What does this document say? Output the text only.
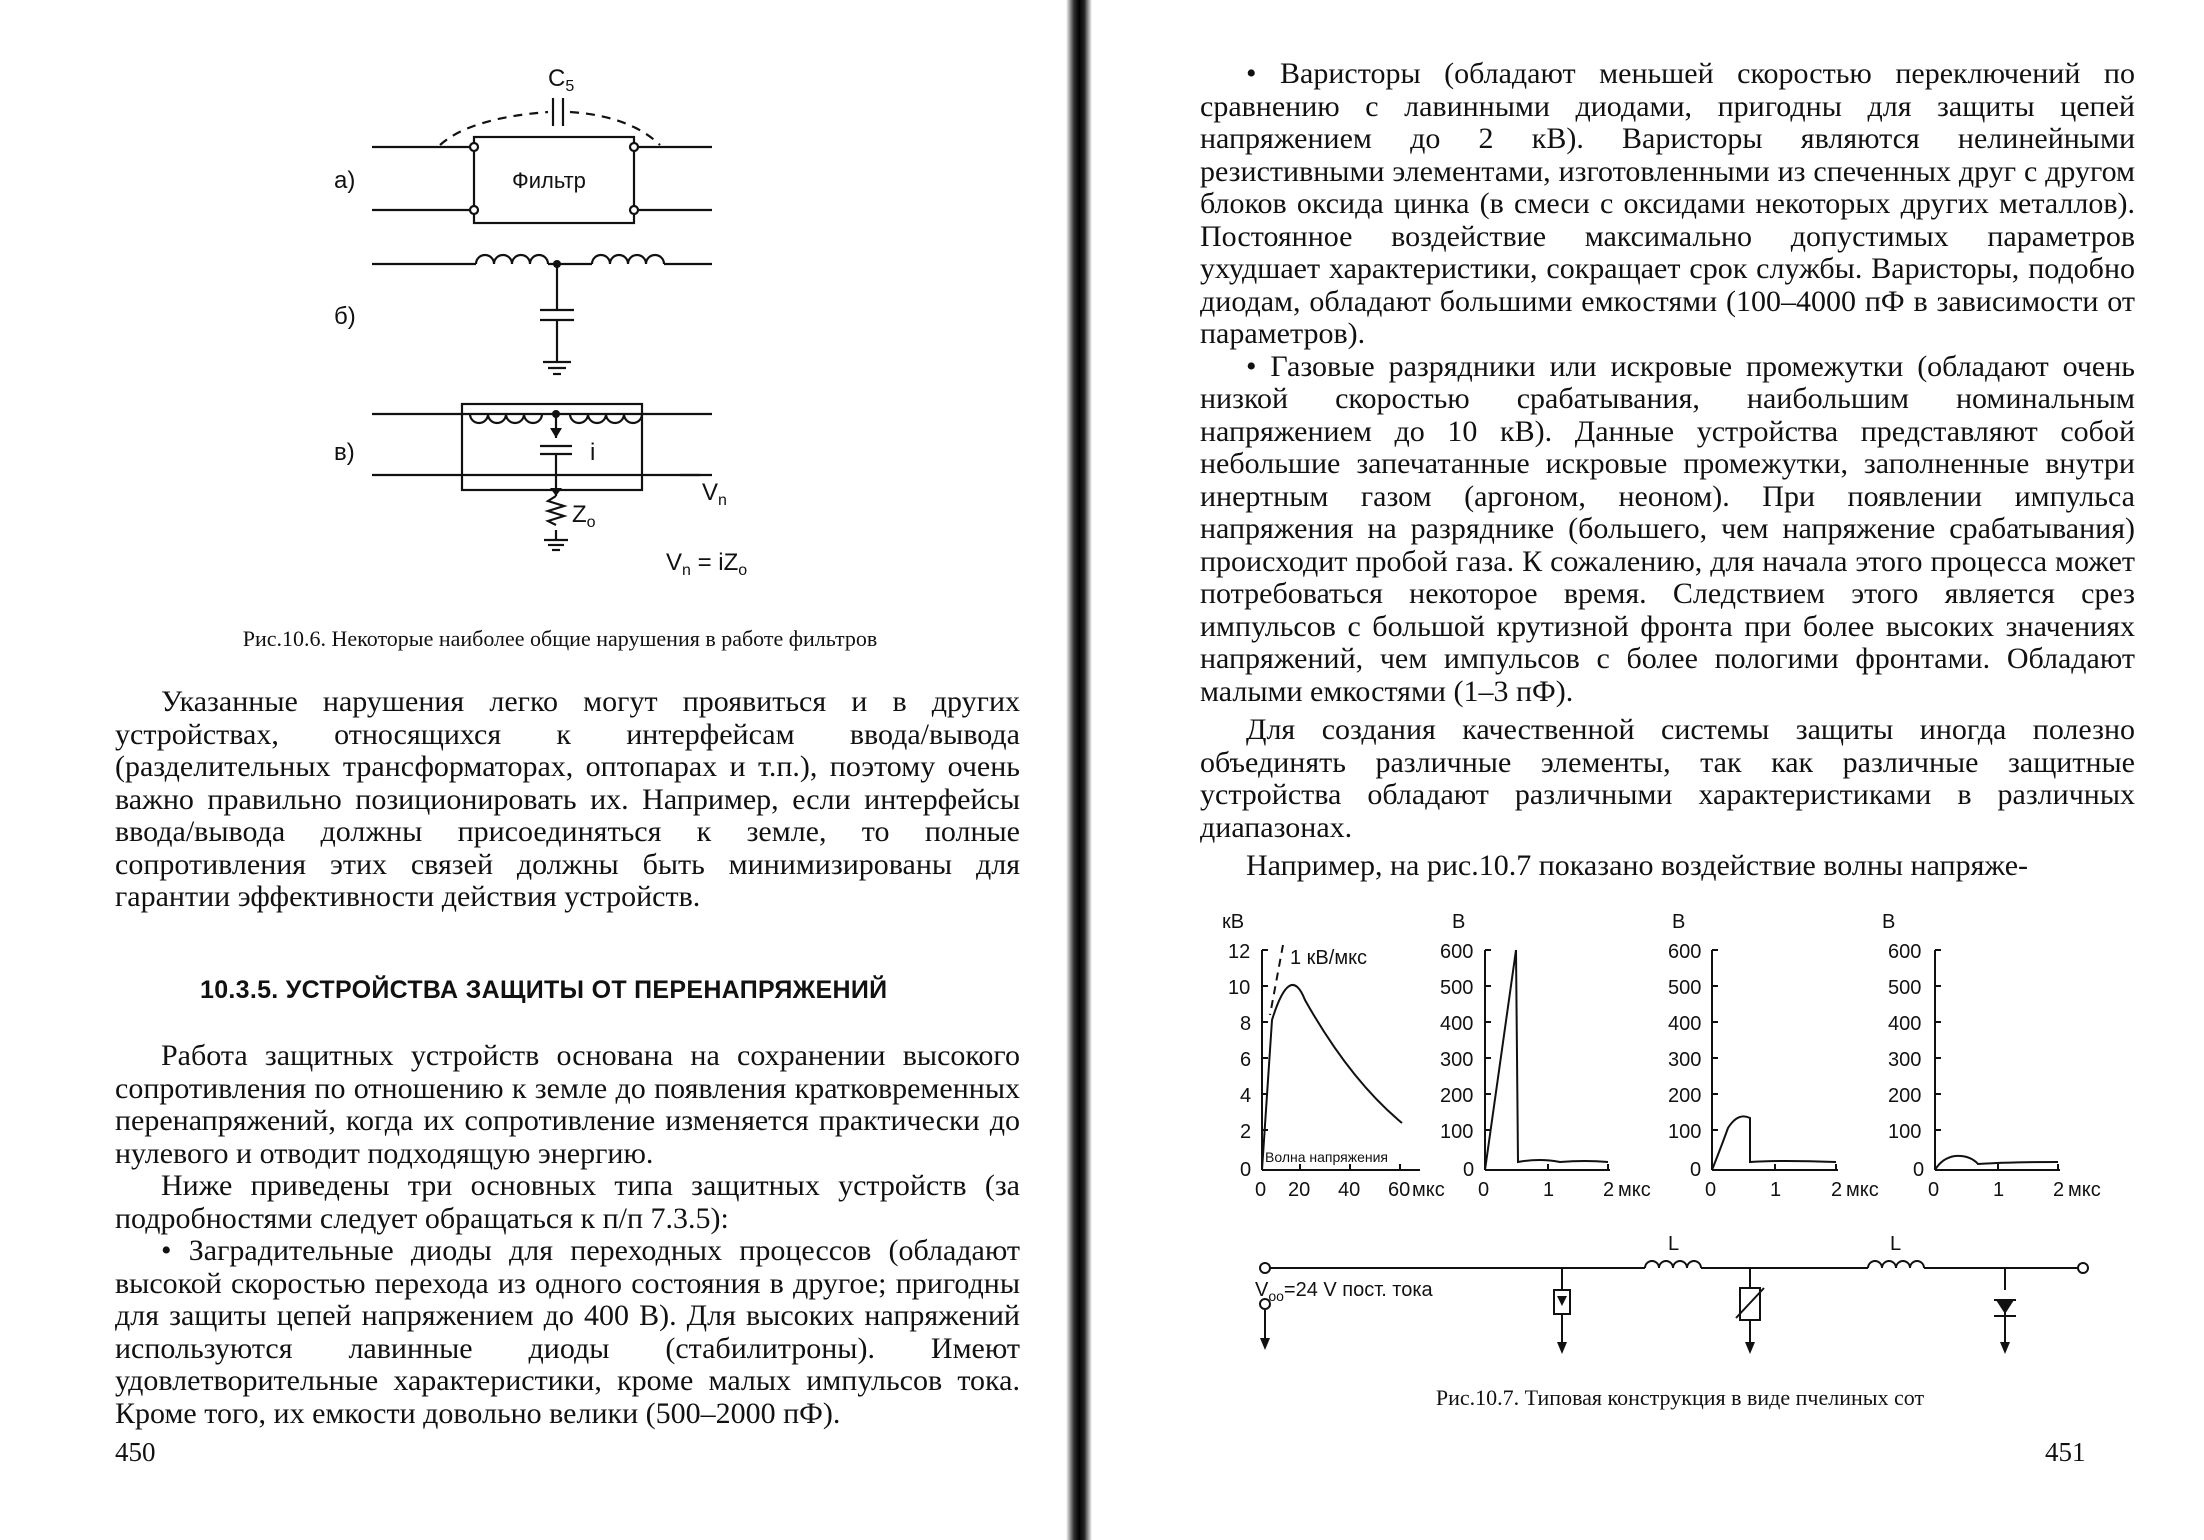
а)
б)
в)
Фильтр
$C_5$
i
$Z_o$
$V_n$
$V_n = iZ_o$
Рис.10.6. Некоторые наиболее общие нарушения в работе фильтров

Указанные нарушения легко могут проявиться и в других устройствах, относящихся к интерфейсам ввода/вывода (разделительных трансформаторах, оптопарах и т.п.), поэтому очень важно правильно позиционировать их. Например, если интерфейсы ввода/вывода должны присоединяться к земле, то полные сопротивления этих связей должны быть минимизированы для гарантии эффективности действия устройств.

10.3.5. УСТРОЙСТВА ЗАЩИТЫ ОТ ПЕРЕНАПРЯЖЕНИЙ

Работа защитных устройств основана на сохранении высокого сопротивления по отношению к земле до появления кратковременных перенапряжений, когда их сопротивление изменяется практически до нулевого и отводит подходящую энергию.

Ниже приведены три основных типа защитных устройств (за подробностями следует обращаться к п/п 7.3.5):

• Заградительные диоды для переходных процессов (обладают высокой скоростью перехода из одного состояния в другое; пригодны для защиты цепей напряжением до 400 В). Для высоких напряжений используются лавинные диоды (стабилитроны). Имеют удовлетворительные характеристики, кроме малых импульсов тока. Кроме того, их емкости довольно велики (500–2000 пФ).

450

• Варисторы (обладают меньшей скоростью переключений по сравнению с лавинными диодами, пригодны для защиты цепей напряжением до 2 кВ). Варисторы являются нелинейными резистивными элементами, изготовленными из спеченных друг с другом блоков оксида цинка (в смеси с оксидами некоторых других металлов). Постоянное воздействие максимально допустимых параметров ухудшает характеристики, сокращает срок службы. Варисторы, подобно диодам, обладают большими емкостями (100–4000 пФ в зависимости от параметров).

• Газовые разрядники или искровые промежутки (обладают очень низкой скоростью срабатывания, наибольшим номинальным напряжением до 10 кВ). Данные устройства представляют собой небольшие запечатанные искровые промежутки, заполненные внутри инертным газом (аргоном, неоном). При появлении импульса напряжения на разряднике (большего, чем напряжение срабатывания) происходит пробой газа. К сожалению, для начала этого процесса может потребоваться некоторое время. Следствием этого является срез импульсов с большой крутизной фронта при более высоких значениях напряжений, чем импульсов с более пологими фронтами. Обладают малыми емкостями (1–3 пФ).

Для создания качественной системы защиты иногда полезно объединять различные элементы, так как различные защитные устройства обладают различными характеристиками в различных диапазонах.

Например, на рис.10.7 показано воздействие волны напряже-

кВ
12
10
8
6
4
2
0
0 20 40 60 мкс
1 кВ/мкс
Волна напряжения
В
600
500
400
300
200
100
0
0	1 2 мкс
В
600
500
400
300
200
100
0
0	1 2 мкс
В
600
500
400
300
200
100
0
0	1 2 мкс
L	L
$V_{oo}=24$ V пост. тока
Рис.10.7. Типовая конструкция в виде пчелиных сот
451
